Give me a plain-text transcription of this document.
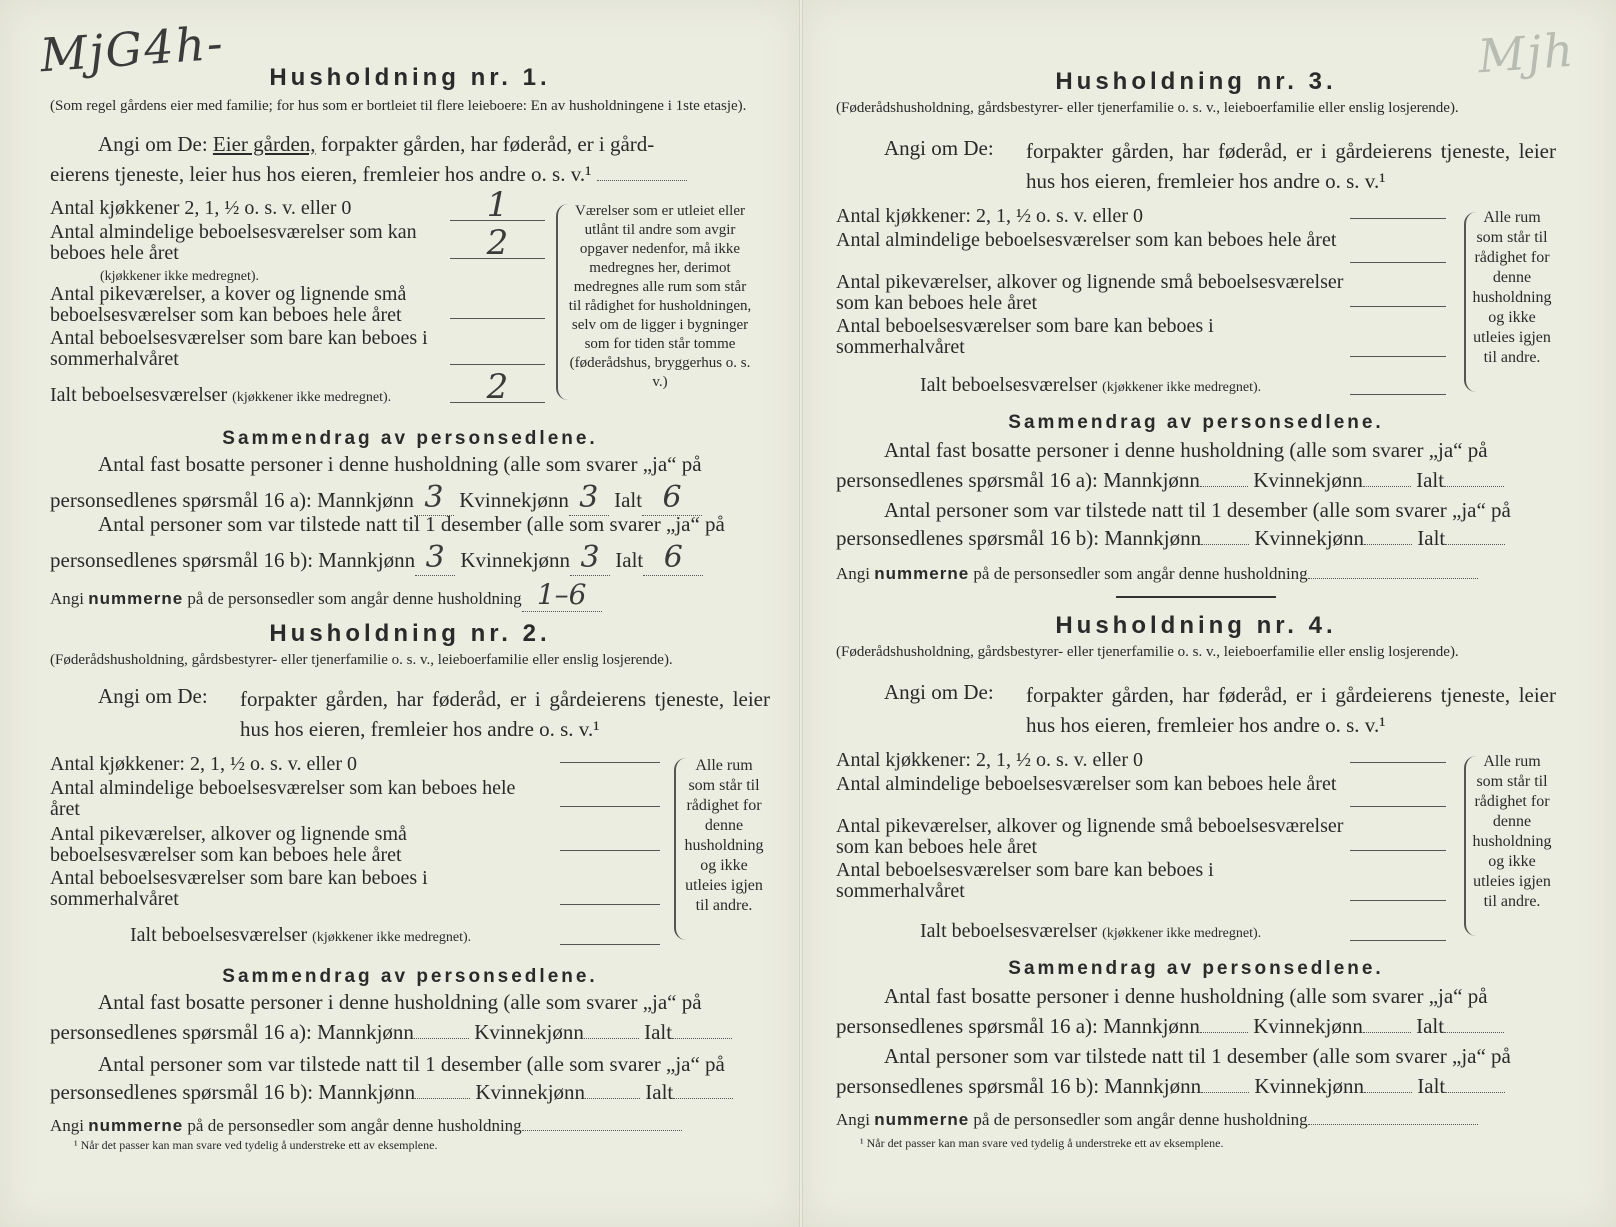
MjG4h-	Mjh
Husholdning nr. 1.
(Som regel gårdens eier med familie; for hus som er bortleiet til flere leieboere: En av husholdningene i 1ste etasje).
Angi om De: Eier gården, forpakter gården, har føderåd, er i gård-
eierens tjeneste, leier hus hos eieren, fremleier hos andre o. s. v.¹
Antal kjøkkener 2, 1, ½ o. s. v. eller 0	1
Antal almindelige beboelsesværelser som kan beboes hele året	2
(kjøkkener ikke medregnet).
Antal pikeværelser, a kover og lignende små beboelsesværelser som kan beboes hele året
Antal beboelsesværelser som bare kan beboes i sommerhalvåret
Ialt beboelsesværelser (kjøkkener ikke medregnet).	2
Værelser som er utleiet eller utlånt til andre som avgir opgaver nedenfor, må ikke medregnes her, derimot medregnes alle rum som står til rådighet for husholdningen, selv om de ligger i bygninger som for tiden står tomme (føderådshus, bryggerhus o. s. v.)
Sammendrag av personsedlene.
Antal fast bosatte personer i denne husholdning (alle som svarer „ja“ på
personsedlenes spørsmål 16 a): Mannkjønn 3 Kvinnekjønn 3 Ialt 6
Antal personer som var tilstede natt til 1 desember (alle som svarer „ja“ på
personsedlenes spørsmål 16 b): Mannkjønn 3 Kvinnekjønn 3 Ialt 6
Angi nummerne på de personsedler som angår denne husholdning 1–6
Husholdning nr. 2.
(Føderådshusholdning, gårdsbestyrer- eller tjenerfamilie o. s. v., leieboerfamilie eller enslig losjerende).
Angi om De: forpakter gården, har føderåd, er i gårdeierens tjeneste, leier hus hos eieren, fremleier hos andre o. s. v.¹
Antal kjøkkener: 2, 1, ½ o. s. v. eller 0
Antal almindelige beboelsesværelser som kan beboes hele året
Antal pikeværelser, alkover og lignende små beboelsesværelser som kan beboes hele året
Antal beboelsesværelser som bare kan beboes i sommerhalvåret
Ialt beboelsesværelser (kjøkkener ikke medregnet).
Alle rum som står til rådighet for denne husholdning og ikke utleies igjen til andre.
Sammendrag av personsedlene.
Antal fast bosatte personer i denne husholdning (alle som svarer „ja“ på
personsedlenes spørsmål 16 a): Mannkjønn	Kvinnekjønn	Ialt
Antal personer som var tilstede natt til 1 desember (alle som svarer „ja“ på
personsedlenes spørsmål 16 b): Mannkjønn	Kvinnekjønn	Ialt
Angi nummerne på de personsedler som angår denne husholdning
¹ Når det passer kan man svare ved tydelig å understreke ett av eksemplene.
Husholdning nr. 3.
(Føderådshusholdning, gårdsbestyrer- eller tjenerfamilie o. s. v., leieboerfamilie eller enslig losjerende).
Angi om De: forpakter gården, har føderåd, er i gårdeierens tjeneste, leier hus hos eieren, fremleier hos andre o. s. v.¹
Antal kjøkkener: 2, 1, ½ o. s. v. eller 0
Antal almindelige beboelsesværelser som kan beboes hele året
Antal pikeværelser, alkover og lignende små beboelsesværelser som kan beboes hele året
Antal beboelsesværelser som bare kan beboes i sommerhalvåret
Ialt beboelsesværelser (kjøkkener ikke medregnet).
Alle rum som står til rådighet for denne husholdning og ikke utleies igjen til andre.
Sammendrag av personsedlene.
Antal fast bosatte personer i denne husholdning (alle som svarer „ja“ på
personsedlenes spørsmål 16 a): Mannkjønn	Kvinnekjønn	Ialt
Antal personer som var tilstede natt til 1 desember (alle som svarer „ja“ på
personsedlenes spørsmål 16 b): Mannkjønn	Kvinnekjønn	Ialt
Angi nummerne på de personsedler som angår denne husholdning
Husholdning nr. 4.
(Føderådshusholdning, gårdsbestyrer- eller tjenerfamilie o. s. v., leieboerfamilie eller enslig losjerende).
Angi om De: forpakter gården, har føderåd, er i gårdeierens tjeneste, leier hus hos eieren, fremleier hos andre o. s. v.¹
Antal kjøkkener: 2, 1, ½ o. s. v. eller 0
Antal almindelige beboelsesværelser som kan beboes hele året
Antal pikeværelser, alkover og lignende små beboelsesværelser som kan beboes hele året
Antal beboelsesværelser som bare kan beboes i sommerhalvåret
Ialt beboelsesværelser (kjøkkener ikke medregnet).
Alle rum som står til rådighet for denne husholdning og ikke utleies igjen til andre.
Sammendrag av personsedlene.
Antal fast bosatte personer i denne husholdning (alle som svarer „ja“ på
personsedlenes spørsmål 16 a): Mannkjønn	Kvinnekjønn	Ialt
Antal personer som var tilstede natt til 1 desember (alle som svarer „ja“ på
personsedlenes spørsmål 16 b): Mannkjønn	Kvinnekjønn	Ialt
Angi nummerne på de personsedler som angår denne husholdning
¹ Når det passer kan man svare ved tydelig å understreke ett av eksemplene.
